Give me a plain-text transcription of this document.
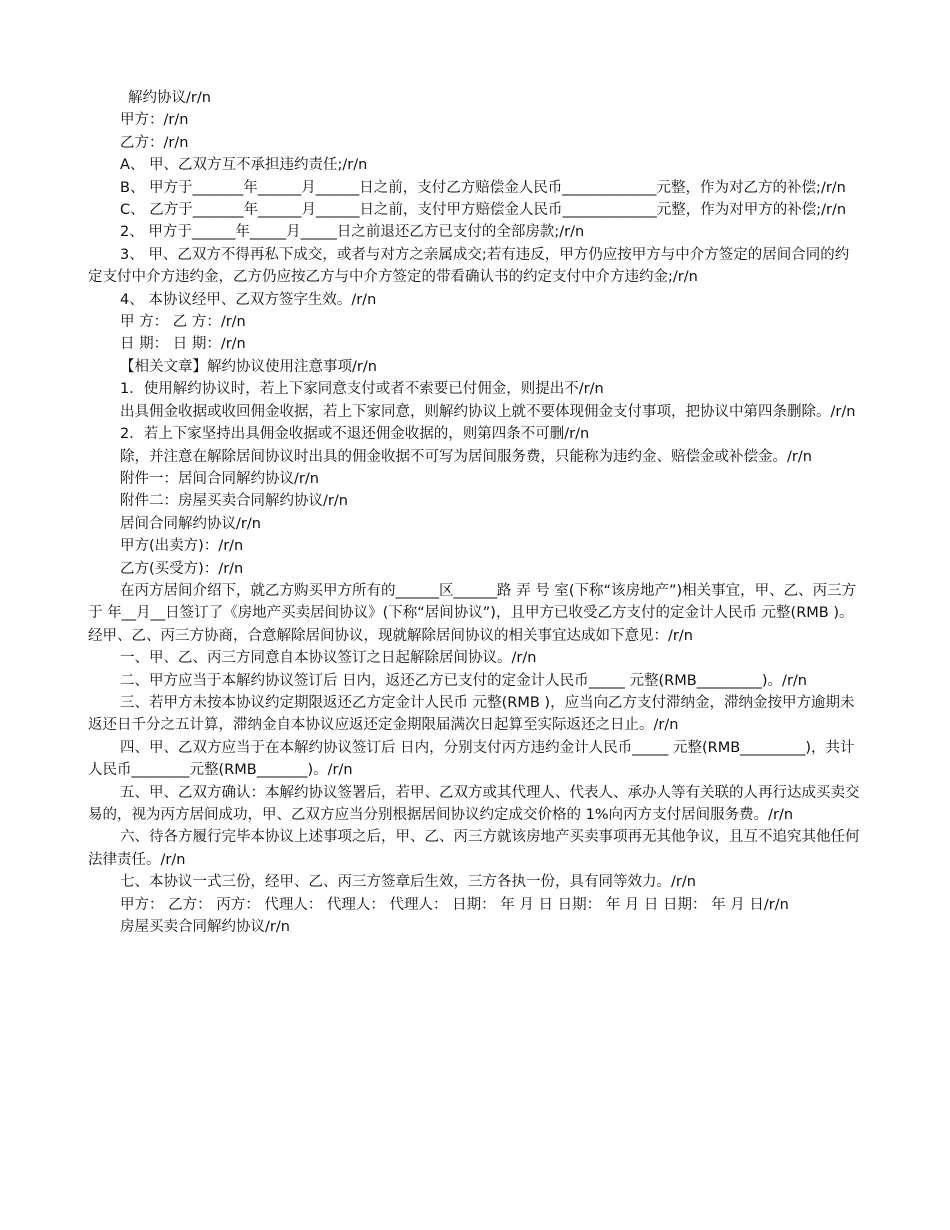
解约协议/r/n

甲方：/r/n

乙方：/r/n

A、 甲、乙双方互不承担违约责任;/r/n

B、 甲方于_______年______月______日之前，支付乙方赔偿金人民币_____________元整，作为对乙方的补偿;/r/n

C、 乙方于_______年______月______日之前，支付甲方赔偿金人民币_____________元整，作为对甲方的补偿;/r/n

2、 甲方于______年_____月_____日之前退还乙方已支付的全部房款;/r/n

3、 甲、乙双方不得再私下成交，或者与对方之亲属成交;若有违反，甲方仍应按甲方与中介方签定的居间合同的约定支付中介方违约金，乙方仍应按乙方与中介方签定的带看确认书的约定支付中介方违约金;/r/n

4、 本协议经甲、乙双方签字生效。/r/n

甲 方： 乙 方：/r/n

日 期： 日 期：/r/n

【相关文章】解约协议使用注意事项/r/n

1．使用解约协议时，若上下家同意支付或者不索要已付佣金，则提出不/r/n

出具佣金收据或收回佣金收据，若上下家同意，则解约协议上就不要体现佣金支付事项，把协议中第四条删除。/r/n

2．若上下家坚持出具佣金收据或不退还佣金收据的，则第四条不可删/r/n

除，并注意在解除居间协议时出具的佣金收据不可写为居间服务费，只能称为违约金、赔偿金或补偿金。/r/n

附件一：居间合同解约协议/r/n

附件二：房屋买卖合同解约协议/r/n

居间合同解约协议/r/n

甲方(出卖方)：/r/n

乙方(买受方)：/r/n

在丙方居间介绍下，就乙方购买甲方所有的______区______路 弄 号 室(下称“该房地产”)相关事宜，甲、乙、丙三方于 年__月__日签订了《房地产买卖居间协议》(下称“居间协议”)，且甲方已收受乙方支付的定金计人民币 元整(RMB )。经甲、乙、丙三方协商，合意解除居间协议，现就解除居间协议的相关事宜达成如下意见：/r/n

一、甲、乙、丙三方同意自本协议签订之日起解除居间协议。/r/n

二、甲方应当于本解约协议签订后 日内，返还乙方已支付的定金计人民币_____ 元整(RMB_________)。/r/n

三、若甲方未按本协议约定期限返还乙方定金计人民币 元整(RMB )，应当向乙方支付滞纳金，滞纳金按甲方逾期未返还日千分之五计算，滞纳金自本协议应返还定金期限届满次日起算至实际返还之日止。/r/n

四、甲、乙双方应当于在本解约协议签订后 日内，分别支付丙方违约金计人民币_____ 元整(RMB_________)，共计人民币________元整(RMB_______)。/r/n

五、甲、乙双方确认：本解约协议签署后，若甲、乙双方或其代理人、代表人、承办人等有关联的人再行达成买卖交易的，视为丙方居间成功，甲、乙双方应当分别根据居间协议约定成交价格的 1%向丙方支付居间服务费。/r/n

六、待各方履行完毕本协议上述事项之后，甲、乙、丙三方就该房地产买卖事项再无其他争议，且互不追究其他任何法律责任。/r/n

七、本协议一式三份，经甲、乙、丙三方签章后生效，三方各执一份，具有同等效力。/r/n

甲方： 乙方： 丙方： 代理人： 代理人： 代理人： 日期： 年 月 日 日期： 年 月 日 日期： 年 月 日/r/n

房屋买卖合同解约协议/r/n
